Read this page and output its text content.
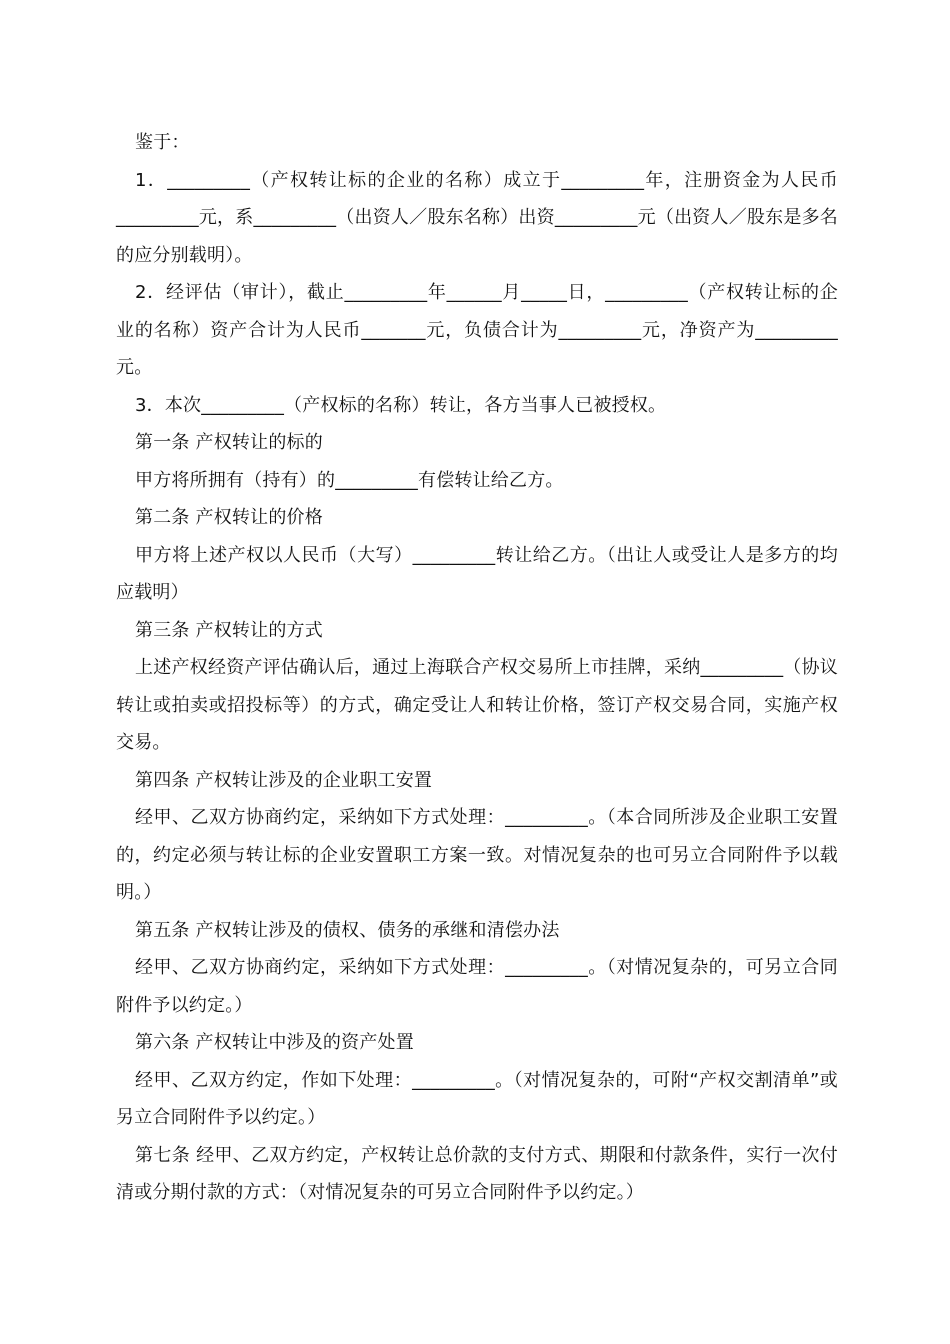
鉴于：

1．_________（产权转让标的企业的名称）成立于_________年，注册资金为人民币_________元，系_________（出资人／股东名称）出资_________元（出资人／股东是多名的应分别载明）。

2．经评估（审计），截止_________年______月_____日，_________（产权转让标的企业的名称）资产合计为人民币_______元，负债合计为_________元，净资产为_________元。

3．本次_________（产权标的名称）转让，各方当事人已被授权。

第一条 产权转让的标的

甲方将所拥有（持有）的_________有偿转让给乙方。

第二条 产权转让的价格

甲方将上述产权以人民币（大写）_________转让给乙方。（出让人或受让人是多方的均应载明）

第三条 产权转让的方式

上述产权经资产评估确认后，通过上海联合产权交易所上市挂牌，采纳_________（协议转让或拍卖或招投标等）的方式，确定受让人和转让价格，签订产权交易合同，实施产权交易。

第四条 产权转让涉及的企业职工安置

经甲、乙双方协商约定，采纳如下方式处理：_________。（本合同所涉及企业职工安置的，约定必须与转让标的企业安置职工方案一致。对情况复杂的也可另立合同附件予以载明。）

第五条 产权转让涉及的债权、债务的承继和清偿办法

经甲、乙双方协商约定，采纳如下方式处理：_________。（对情况复杂的，可另立合同附件予以约定。）

第六条 产权转让中涉及的资产处置

经甲、乙双方约定，作如下处理：_________。（对情况复杂的，可附“产权交割清单”或另立合同附件予以约定。）

第七条 经甲、乙双方约定，产权转让总价款的支付方式、期限和付款条件，实行一次付清或分期付款的方式：（对情况复杂的可另立合同附件予以约定。）
